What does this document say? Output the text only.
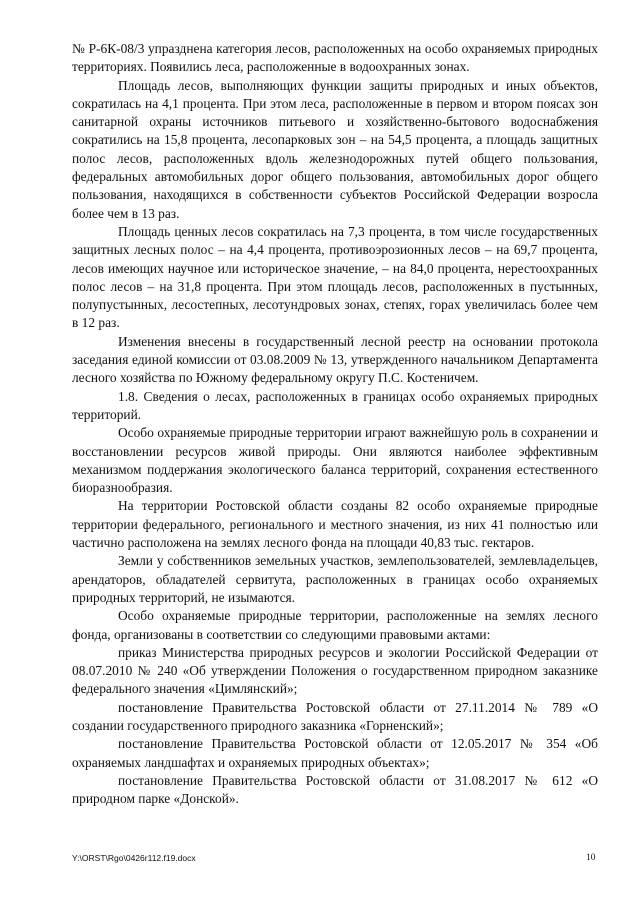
№ Р-6К-08/3 упразднена категория лесов, расположенных на особо охраняемых природных территориях. Появились леса, расположенные в водоохранных зонах.

Площадь лесов, выполняющих функции защиты природных и иных объектов, сократилась на 4,1 процента. При этом леса, расположенные в первом и втором поясах зон санитарной охраны источников питьевого и хозяйственно-бытового водоснабжения сократились на 15,8 процента, лесопарковых зон – на 54,5 процента, а площадь защитных полос лесов, расположенных вдоль железнодорожных путей общего пользования, федеральных автомобильных дорог общего пользования, автомобильных дорог общего пользования, находящихся в собственности субъектов Российской Федерации возросла более чем в 13 раз.

Площадь ценных лесов сократилась на 7,3 процента, в том числе государственных защитных лесных полос – на 4,4 процента, противоэрозионных лесов – на 69,7 процента, лесов имеющих научное или историческое значение, – на 84,0 процента, нерестоохранных полос лесов – на 31,8 процента. При этом площадь лесов, расположенных в пустынных, полупустынных, лесостепных, лесотундровых зонах, степях, горах увеличилась более чем в 12 раз.

Изменения внесены в государственный лесной реестр на основании протокола заседания единой комиссии от 03.08.2009 № 13, утвержденного начальником Департамента лесного хозяйства по Южному федеральному округу П.С. Костеничем.

1.8. Сведения о лесах, расположенных в границах особо охраняемых природных территорий.

Особо охраняемые природные территории играют важнейшую роль в сохранении и восстановлении ресурсов живой природы. Они являются наиболее эффективным механизмом поддержания экологического баланса территорий, сохранения естественного биоразнообразия.

На территории Ростовской области созданы 82 особо охраняемые природные территории федерального, регионального и местного значения, из них 41 полностью или частично расположена на землях лесного фонда на площади 40,83 тыс. гектаров.

Земли у собственников земельных участков, землепользователей, землевладельцев, арендаторов, обладателей сервитута, расположенных в границах особо охраняемых природных территорий, не изымаются.

Особо охраняемые природные территории, расположенные на землях лесного фонда, организованы в соответствии со следующими правовыми актами:

приказ Министерства природных ресурсов и экологии Российской Федерации от 08.07.2010 № 240 «Об утверждении Положения о государственном природном заказнике федерального значения «Цимлянский»;

постановление Правительства Ростовской области от 27.11.2014 № 789 «О создании государственного природного заказника «Горненский»;

постановление Правительства Ростовской области от 12.05.2017 № 354 «Об охраняемых ландшафтах и охраняемых природных объектах»;

постановление Правительства Ростовской области от 31.08.2017 № 612 «О природном парке «Донской».

Y:\ORST\Rgo\0426r112.f19.docx	10
